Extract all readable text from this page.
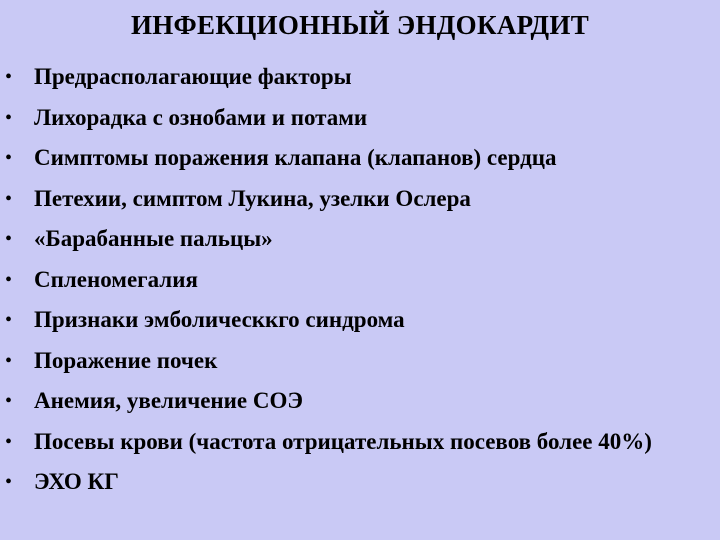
ИНФЕКЦИОННЫЙ ЭНДОКАРДИТ
• Предрасполагающие факторы
• Лихорадка с ознобами и потами
• Симптомы поражения клапана (клапанов) сердца
• Петехии, симптом Лукина, узелки Ослера
• «Барабанные пальцы»
• Спленомегалия
• Признаки эмболическкго синдрома
• Поражение почек
• Анемия, увеличение СОЭ
• Посевы крови (частота отрицательных посевов более 40%)
• ЭХО КГ
